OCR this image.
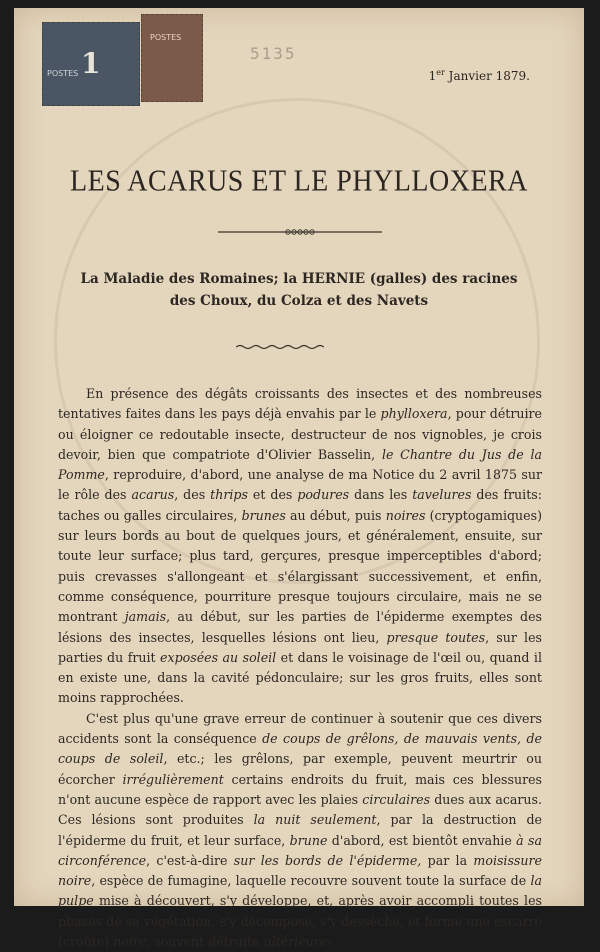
1
POSTES
POSTES
5135
1er Janvier 1879.
LES ACARUS ET LE PHYLLOXERA
La Maladie des Romaines; la HERNIE (galles) des racines
des Choux, du Colza et des Navets

En présence des dégâts croissants des insectes et des nombreuses tentatives faites dans les pays déjà envahis par le phylloxera, pour détruire ou éloigner ce redoutable insecte, destructeur de nos vignobles, je crois devoir, bien que compatriote d'Olivier Basselin, le Chantre du Jus de la Pomme, reproduire, d'abord, une analyse de ma Notice du 2 avril 1875 sur le rôle des acarus, des thrips et des podures dans les tavelures des fruits: taches ou galles circulaires, brunes au début, puis noires (cryptogamiques) sur leurs bords au bout de quelques jours, et généralement, ensuite, sur toute leur surface; plus tard, gerçures, presque imperceptibles d'abord; puis crevasses s'allongeant et s'élargissant successivement, et enfin, comme conséquence, pourriture presque toujours circulaire, mais ne se montrant jamais, au début, sur les parties de l'épiderme exemptes des lésions des insectes, lesquelles lésions ont lieu, presque toutes, sur les parties du fruit exposées au soleil et dans le voisinage de l'œil ou, quand il en existe une, dans la cavité pédonculaire; sur les gros fruits, elles sont moins rapprochées.

C'est plus qu'une grave erreur de continuer à soutenir que ces divers accidents sont la conséquence de coups de grêlons, de mauvais vents, de coups de soleil, etc.; les grêlons, par exemple, peuvent meurtrir ou écorcher irrégulièrement certains endroits du fruit, mais ces blessures n'ont aucune espèce de rapport avec les plaies circulaires dues aux acarus. Ces lésions sont produites la nuit seulement, par la destruction de l'épiderme du fruit, et leur surface, brune d'abord, est bientôt envahie à sa circonférence, c'est-à-dire sur les bords de l'épiderme, par la moisissure noire, espèce de fumagine, laquelle recouvre souvent toute la surface de la pulpe mise à découvert, s'y développe, et, après avoir accompli toutes les phases de sa végétation, s'y décompose, s'y dessèche, et forme une escarre (croûte) noire, souvent détruite ultérieure-
